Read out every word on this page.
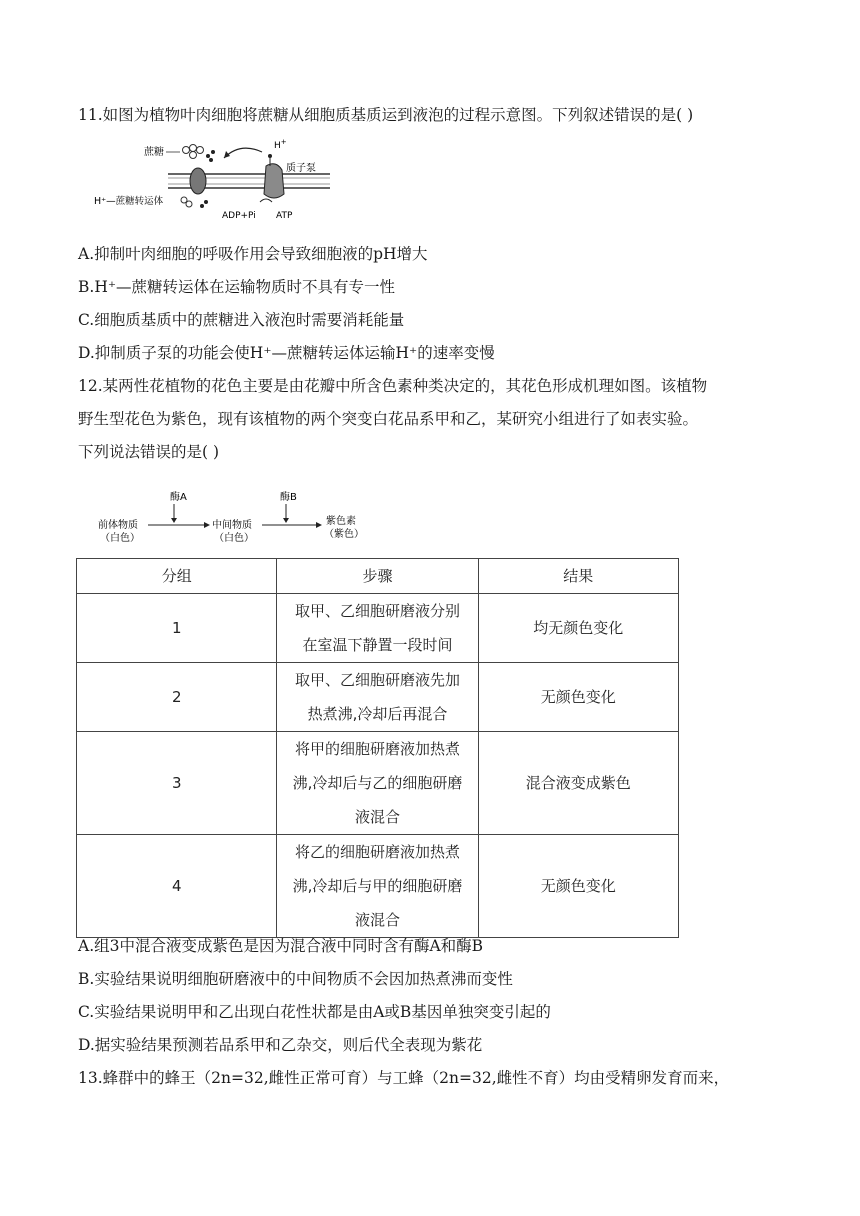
11.如图为植物叶肉细胞将蔗糖从细胞质基质运到液泡的过程示意图。下列叙述错误的是( )
蔗糖
H+
质子泵
H⁺—蔗糖转运体
ADP+Pi ATP
A.抑制叶肉细胞的呼吸作用会导致细胞液的pH增大
B.H⁺—蔗糖转运体在运输物质时不具有专一性
C.细胞质基质中的蔗糖进入液泡时需要消耗能量
D.抑制质子泵的功能会使H⁺—蔗糖转运体运输H⁺的速率变慢
12.某两性花植物的花色主要是由花瓣中所含色素种类决定的，其花色形成机理如图。该植物
野生型花色为紫色，现有该植物的两个突变白花品系甲和乙，某研究小组进行了如表实验。
下列说法错误的是( )
酶A	酶B
前体物质
（白色）
中间物质
（白色）
紫色素
（紫色）
分组	步骤	结果
1	取甲、乙细胞研磨液分别
在室温下静置一段时间	均无颜色变化
2	取甲、乙细胞研磨液先加
热煮沸,冷却后再混合	无颜色变化
3	将甲的细胞研磨液加热煮
沸,冷却后与乙的细胞研磨
液混合	混合液变成紫色
4	将乙的细胞研磨液加热煮
沸,冷却后与甲的细胞研磨
液混合	无颜色变化
A.组3中混合液变成紫色是因为混合液中同时含有酶A和酶B
B.实验结果说明细胞研磨液中的中间物质不会因加热煮沸而变性
C.实验结果说明甲和乙出现白花性状都是由A或B基因单独突变引起的
D.据实验结果预测若品系甲和乙杂交，则后代全表现为紫花
13.蜂群中的蜂王（2n=32,雌性正常可育）与工蜂（2n=32,雌性不育）均由受精卵发育而来，
